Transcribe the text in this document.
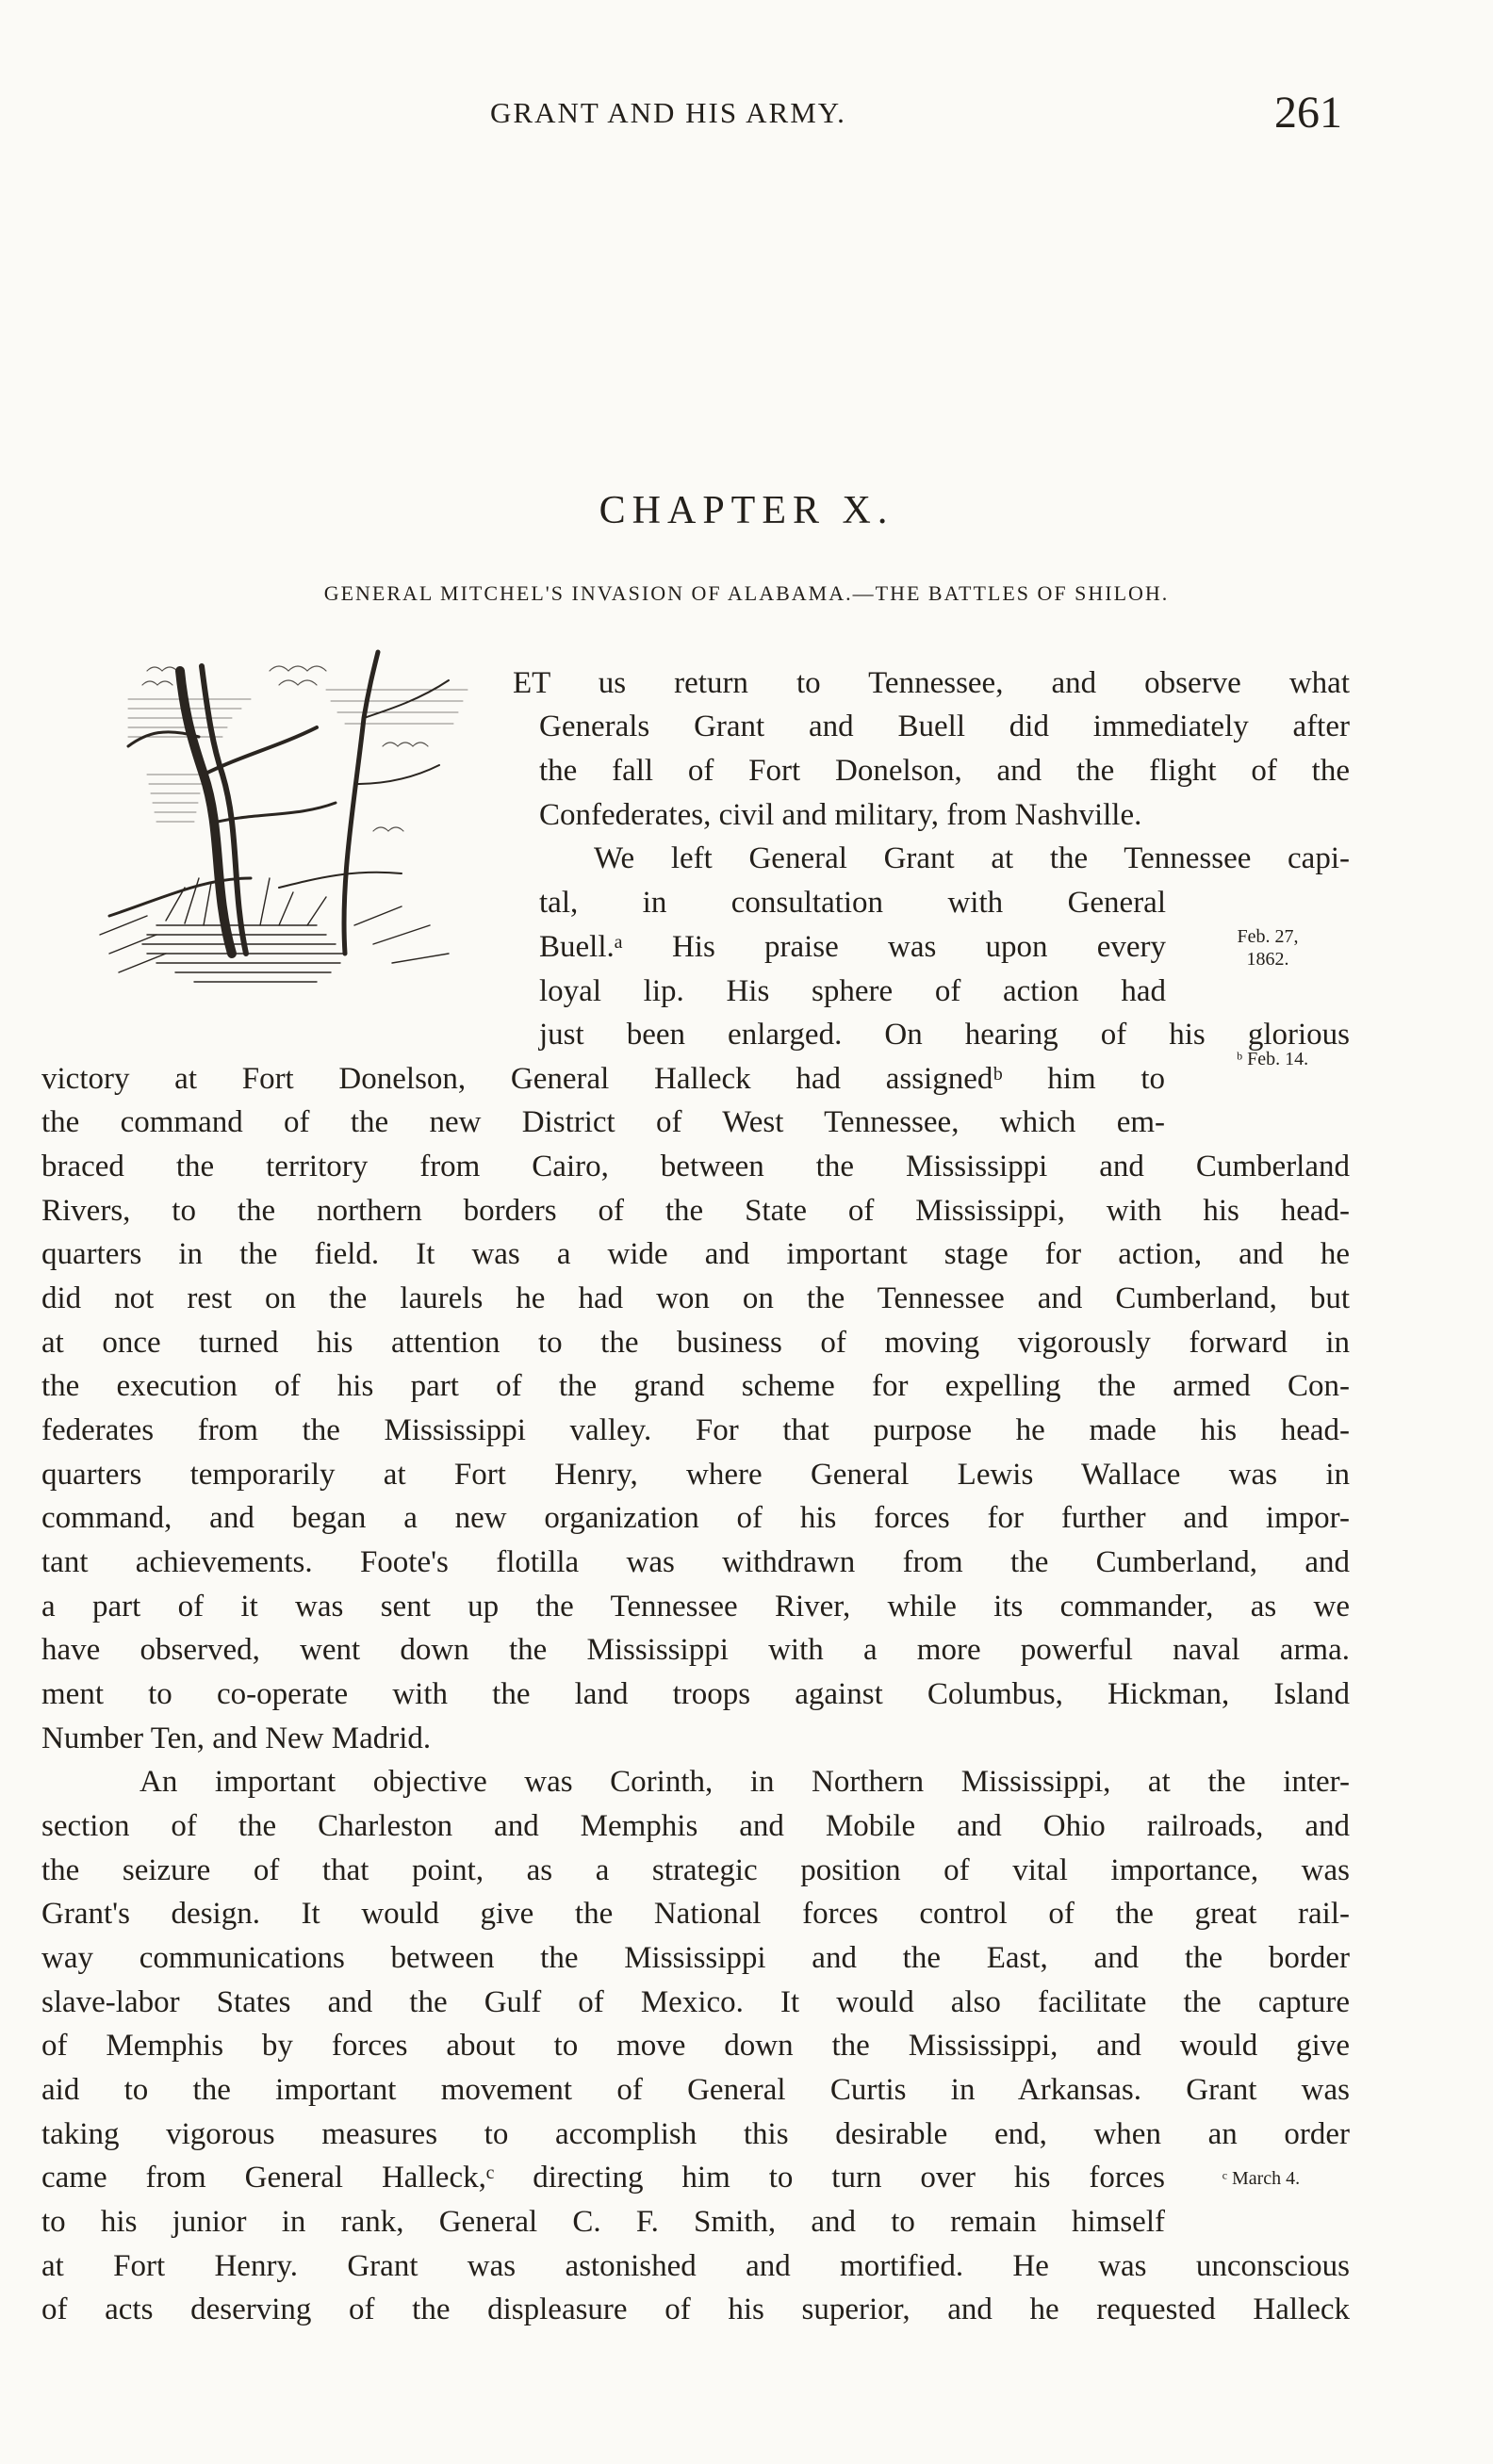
GRANT AND HIS ARMY.	261
CHAPTER X.
GENERAL MITCHEL'S INVASION OF ALABAMA.—THE BATTLES OF SHILOH.
ET us return to Tennessee, and observe what
Generals Grant and Buell did immediately after
the fall of Fort Donelson, and the flight of the
Confederates, civil and military, from Nashville.
We left General Grant at the Tennessee capi-
tal, in consultation with General
Buell.ᵃ His praise was upon every
loyal lip. His sphere of action had
just been enlarged. On hearing of his glorious
victory at Fort Donelson, General Halleck had assignedᵇ him to
the command of the new District of West Tennessee, which em-
braced the territory from Cairo, between the Mississippi and Cumberland
Rivers, to the northern borders of the State of Mississippi, with his head-
quarters in the field. It was a wide and important stage for action, and he
did not rest on the laurels he had won on the Tennessee and Cumberland, but
at once turned his attention to the business of moving vigorously forward in
the execution of his part of the grand scheme for expelling the armed Con-
federates from the Mississippi valley. For that purpose he made his head-
quarters temporarily at Fort Henry, where General Lewis Wallace was in
command, and began a new organization of his forces for further and impor-
tant achievements. Foote's flotilla was withdrawn from the Cumberland, and
a part of it was sent up the Tennessee River, while its commander, as we
have observed, went down the Mississippi with a more powerful naval arma.
ment to co-operate with the land troops against Columbus, Hickman, Island
Number Ten, and New Madrid.
An important objective was Corinth, in Northern Mississippi, at the inter-
section of the Charleston and Memphis and Mobile and Ohio railroads, and
the seizure of that point, as a strategic position of vital importance, was
Grant's design. It would give the National forces control of the great rail-
way communications between the Mississippi and the East, and the border
slave-labor States and the Gulf of Mexico. It would also facilitate the capture
of Memphis by forces about to move down the Mississippi, and would give
aid to the important movement of General Curtis in Arkansas. Grant was
taking vigorous measures to accomplish this desirable end, when an order
came from General Halleck,ᶜ directing him to turn over his forces
to his junior in rank, General C. F. Smith, and to remain himself
at Fort Henry. Grant was astonished and mortified. He was unconscious
of acts deserving of the displeasure of his superior, and he requested Halleck
Feb. 27,
1862.
ᵇ Feb. 14.
ᶜ March 4.
